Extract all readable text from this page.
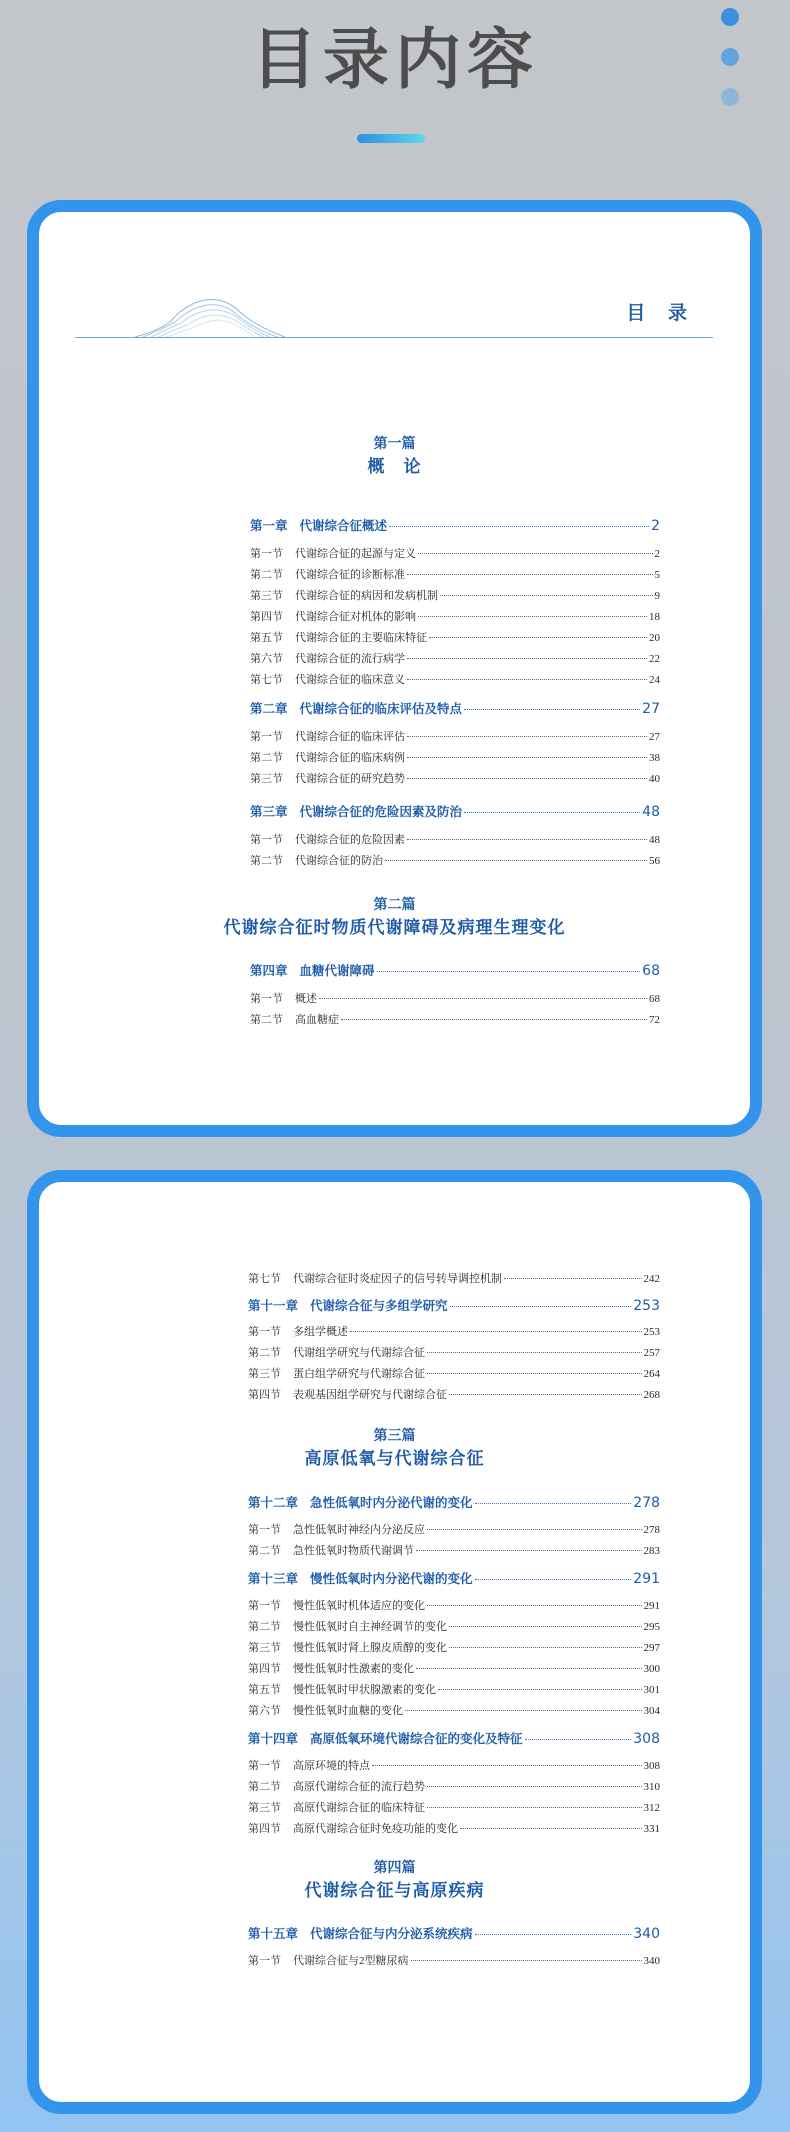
目录内容
目 录
第一篇
概　论
第一章 代谢综合征概述	2
第一节 代谢综合征的起源与定义	2
第二节 代谢综合征的诊断标准	5
第三节 代谢综合征的病因和发病机制	9
第四节 代谢综合征对机体的影响	18
第五节 代谢综合征的主要临床特征	20
第六节 代谢综合征的流行病学	22
第七节 代谢综合征的临床意义	24
第二章 代谢综合征的临床评估及特点	27
第一节 代谢综合征的临床评估	27
第二节 代谢综合征的临床病例	38
第三节 代谢综合征的研究趋势	40
第三章 代谢综合征的危险因素及防治	48
第一节 代谢综合征的危险因素	48
第二节 代谢综合征的防治	56
第二篇
代谢综合征时物质代谢障碍及病理生理变化
第四章 血糖代谢障碍	68
第一节 概述	68
第二节 高血糖症	72
第七节 代谢综合征时炎症因子的信号转导调控机制	242
第十一章 代谢综合征与多组学研究	253
第一节 多组学概述	253
第二节 代谢组学研究与代谢综合征	257
第三节 蛋白组学研究与代谢综合征	264
第四节 表观基因组学研究与代谢综合征	268
第三篇
高原低氧与代谢综合征
第十二章 急性低氧时内分泌代谢的变化	278
第一节 急性低氧时神经内分泌反应	278
第二节 急性低氧时物质代谢调节	283
第十三章 慢性低氧时内分泌代谢的变化	291
第一节 慢性低氧时机体适应的变化	291
第二节 慢性低氧时自主神经调节的变化	295
第三节 慢性低氧时肾上腺皮质醇的变化	297
第四节 慢性低氧时性激素的变化	300
第五节 慢性低氧时甲状腺激素的变化	301
第六节 慢性低氧时血糖的变化	304
第十四章 高原低氧环境代谢综合征的变化及特征	308
第一节 高原环境的特点	308
第二节 高原代谢综合征的流行趋势	310
第三节 高原代谢综合征的临床特征	312
第四节 高原代谢综合征时免疫功能的变化	331
第四篇
代谢综合征与高原疾病
第十五章 代谢综合征与内分泌系统疾病	340
第一节 代谢综合征与2型糖尿病	340
